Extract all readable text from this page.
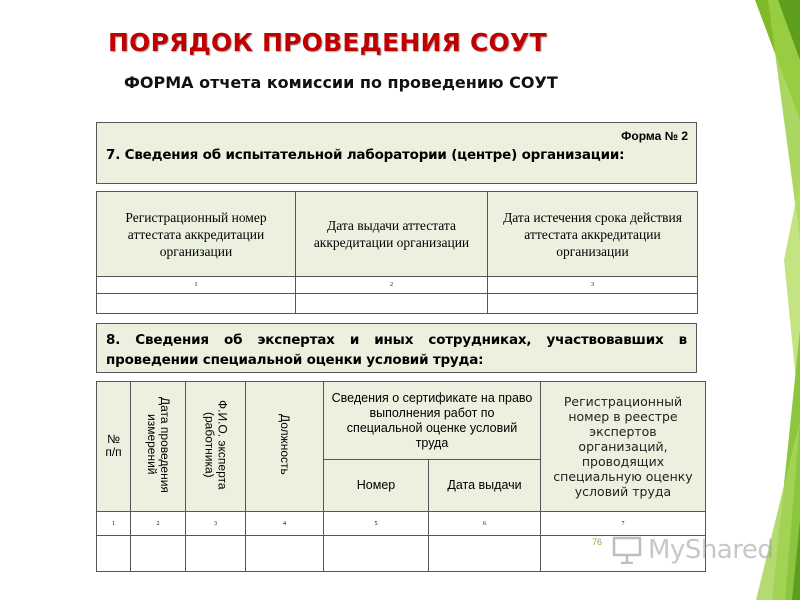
ПОРЯДОК ПРОВЕДЕНИЯ СОУТ
ФОРМА отчета комиссии по проведению СОУТ
Форма № 2
7. Сведения об испытательной лаборатории (центре) организации:
Регистрационный номер аттестата аккредитации организации	Дата выдачи аттестата аккредитации организации	Дата истечения срока действия аттестата аккредитации организации
1	2	3

8. Сведения об экспертах и иных сотрудниках, участвовавших в проведении специальной оценки условий труда:
№ п/п	Дата проведения измерений	Ф.И.О. эксперта (работника)	Должность	Сведения о сертификате на право выполнения работ по специальной оценке условий труда		Регистрационный номер в реестре экспертов организаций, проводящих специальную оценку условий труда
				Номер	Дата выдачи	
1	2	3	4	5	6	7

76 MyShared
